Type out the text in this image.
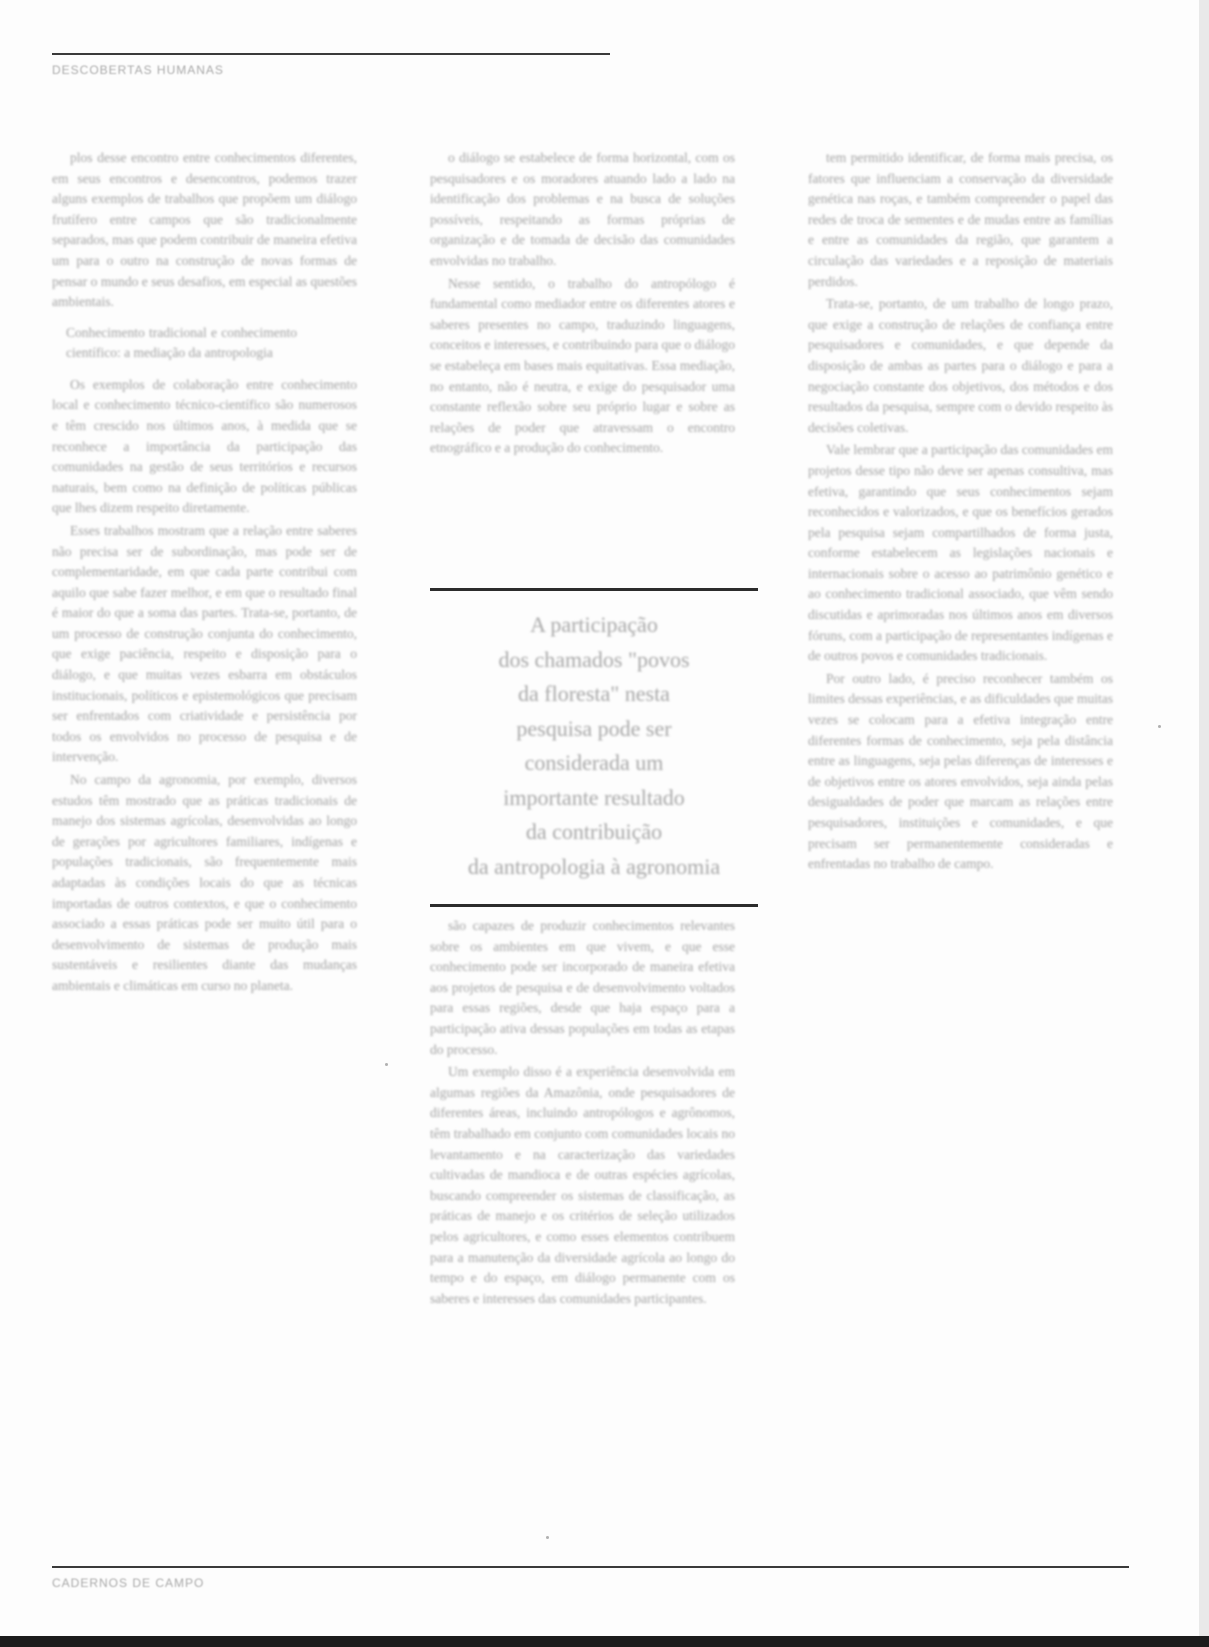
DESCOBERTAS HUMANAS

plos desse encontro entre conhecimentos diferentes, em seus encontros e desencontros, podemos trazer alguns exemplos de trabalhos que propõem um diálogo frutífero entre campos que são tradicionalmente separados, mas que podem contribuir de maneira efetiva um para o outro na construção de novas formas de pensar o mundo e seus desafios, em especial as questões ambientais.

Conhecimento tradicional e conhecimento científico: a mediação da antropologia

Os exemplos de colaboração entre conhecimento local e conhecimento técnico-científico são numerosos e têm crescido nos últimos anos, à medida que se reconhece a importância da participação das comunidades na gestão de seus territórios e recursos naturais, bem como na definição de políticas públicas que lhes dizem respeito diretamente.

Esses trabalhos mostram que a relação entre saberes não precisa ser de subordinação, mas pode ser de complementaridade, em que cada parte contribui com aquilo que sabe fazer melhor, e em que o resultado final é maior do que a soma das partes. Trata-se, portanto, de um processo de construção conjunta do conhecimento, que exige paciência, respeito e disposição para o diálogo, e que muitas vezes esbarra em obstáculos institucionais, políticos e epistemológicos que precisam ser enfrentados com criatividade e persistência por todos os envolvidos no processo de pesquisa e de intervenção.

No campo da agronomia, por exemplo, diversos estudos têm mostrado que as práticas tradicionais de manejo dos sistemas agrícolas, desenvolvidas ao longo de gerações por agricultores familiares, indígenas e populações tradicionais, são frequentemente mais adaptadas às condições locais do que as técnicas importadas de outros contextos, e que o conhecimento associado a essas práticas pode ser muito útil para o desenvolvimento de sistemas de produção mais sustentáveis e resilientes diante das mudanças ambientais e climáticas em curso no planeta.

o diálogo se estabelece de forma horizontal, com os pesquisadores e os moradores atuando lado a lado na identificação dos problemas e na busca de soluções possíveis, respeitando as formas próprias de organização e de tomada de decisão das comunidades envolvidas no trabalho.

Nesse sentido, o trabalho do antropólogo é fundamental como mediador entre os diferentes atores e saberes presentes no campo, traduzindo linguagens, conceitos e interesses, e contribuindo para que o diálogo se estabeleça em bases mais equitativas. Essa mediação, no entanto, não é neutra, e exige do pesquisador uma constante reflexão sobre seu próprio lugar e sobre as relações de poder que atravessam o encontro etnográfico e a produção do conhecimento.

A participação
dos chamados "povos
da floresta" nesta
pesquisa pode ser
considerada um
importante resultado
da contribuição
da antropologia à agronomia

são capazes de produzir conhecimentos relevantes sobre os ambientes em que vivem, e que esse conhecimento pode ser incorporado de maneira efetiva aos projetos de pesquisa e de desenvolvimento voltados para essas regiões, desde que haja espaço para a participação ativa dessas populações em todas as etapas do processo.

Um exemplo disso é a experiência desenvolvida em algumas regiões da Amazônia, onde pesquisadores de diferentes áreas, incluindo antropólogos e agrônomos, têm trabalhado em conjunto com comunidades locais no levantamento e na caracterização das variedades cultivadas de mandioca e de outras espécies agrícolas, buscando compreender os sistemas de classificação, as práticas de manejo e os critérios de seleção utilizados pelos agricultores, e como esses elementos contribuem para a manutenção da diversidade agrícola ao longo do tempo e do espaço, em diálogo permanente com os saberes e interesses das comunidades participantes.

tem permitido identificar, de forma mais precisa, os fatores que influenciam a conservação da diversidade genética nas roças, e também compreender o papel das redes de troca de sementes e de mudas entre as famílias e entre as comunidades da região, que garantem a circulação das variedades e a reposição de materiais perdidos.

Trata-se, portanto, de um trabalho de longo prazo, que exige a construção de relações de confiança entre pesquisadores e comunidades, e que depende da disposição de ambas as partes para o diálogo e para a negociação constante dos objetivos, dos métodos e dos resultados da pesquisa, sempre com o devido respeito às decisões coletivas.

Vale lembrar que a participação das comunidades em projetos desse tipo não deve ser apenas consultiva, mas efetiva, garantindo que seus conhecimentos sejam reconhecidos e valorizados, e que os benefícios gerados pela pesquisa sejam compartilhados de forma justa, conforme estabelecem as legislações nacionais e internacionais sobre o acesso ao patrimônio genético e ao conhecimento tradicional associado, que vêm sendo discutidas e aprimoradas nos últimos anos em diversos fóruns, com a participação de representantes indígenas e de outros povos e comunidades tradicionais.

Por outro lado, é preciso reconhecer também os limites dessas experiências, e as dificuldades que muitas vezes se colocam para a efetiva integração entre diferentes formas de conhecimento, seja pela distância entre as linguagens, seja pelas diferenças de interesses e de objetivos entre os atores envolvidos, seja ainda pelas desigualdades de poder que marcam as relações entre pesquisadores, instituições e comunidades, e que precisam ser permanentemente consideradas e enfrentadas no trabalho de campo.

CADERNOS DE CAMPO
